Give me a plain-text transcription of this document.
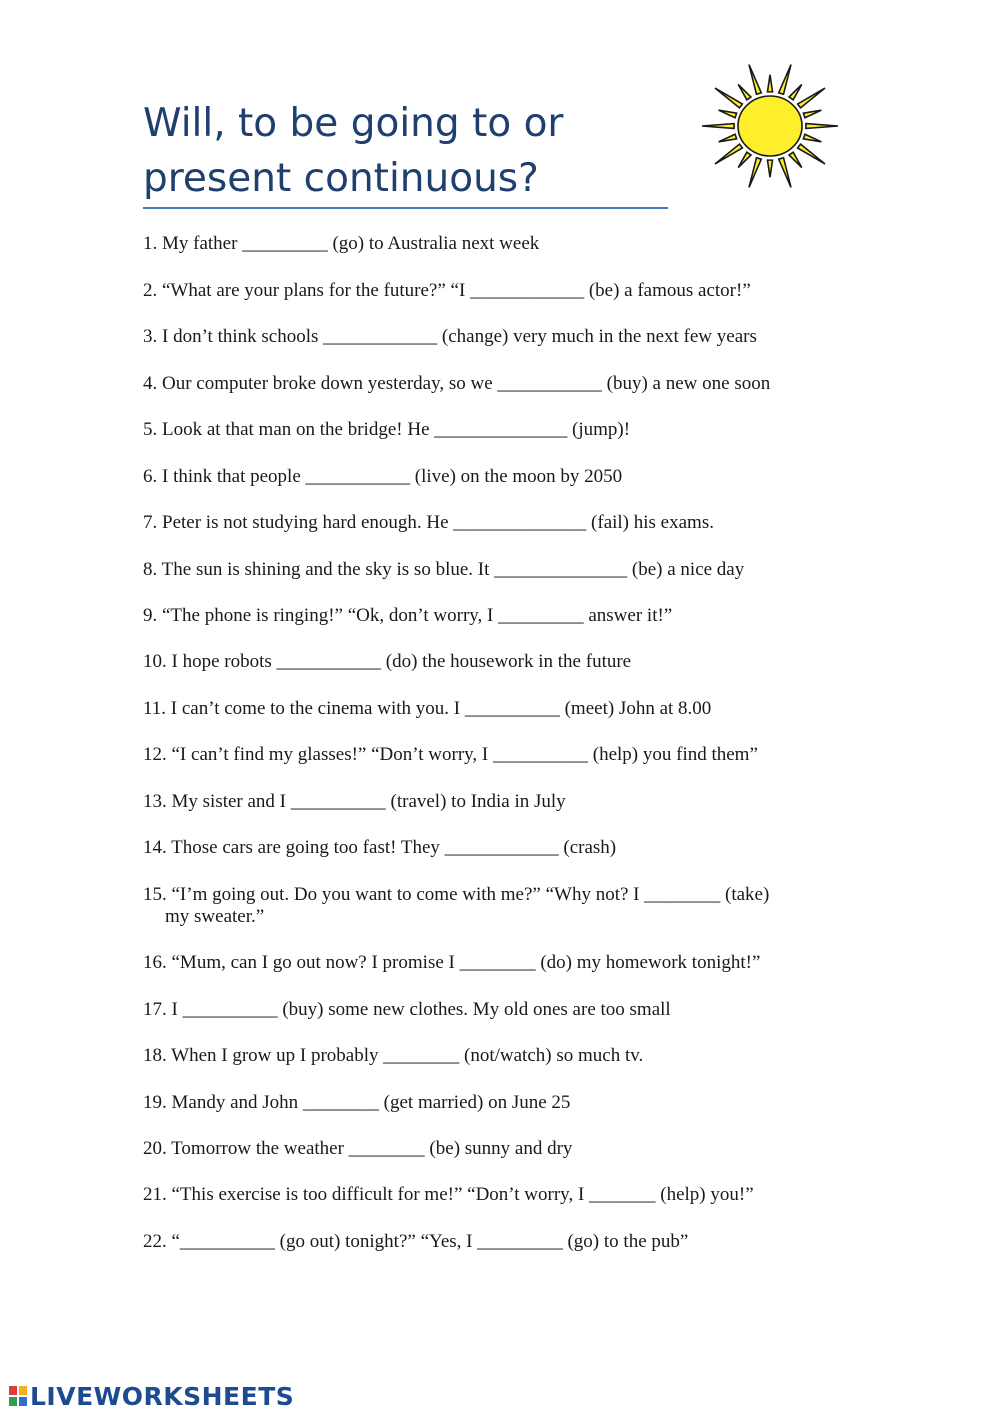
Will, to be going to or
present continuous?
1. My father _________ (go) to Australia next week
2. “What are your plans for the future?” “I ____________ (be) a famous actor!”
3. I don’t think schools ____________ (change) very much in the next few years
4. Our computer broke down yesterday, so we ___________ (buy) a new one soon
5. Look at that man on the bridge! He ______________ (jump)!
6. I think that people ___________ (live) on the moon by 2050
7. Peter is not studying hard enough. He ______________ (fail) his exams.
8. The sun is shining and the sky is so blue. It ______________ (be) a nice day
9. “The phone is ringing!” “Ok, don’t worry, I _________ answer it!”
10. I hope robots ___________ (do) the housework in the future
11. I can’t come to the cinema with you. I __________ (meet) John at 8.00
12. “I can’t find my glasses!” “Don’t worry, I __________ (help) you find them”
13. My sister and I __________ (travel) to India in July
14. Those cars are going too fast! They ____________ (crash)
15. “I’m going out. Do you want to come with me?” “Why not? I ________ (take)
my sweater.”
16. “Mum, can I go out now? I promise I ________ (do) my homework tonight!”
17. I __________ (buy) some new clothes. My old ones are too small
18. When I grow up I probably ________ (not/watch) so much tv.
19. Mandy and John ________ (get married) on June 25
20. Tomorrow the weather ________ (be) sunny and dry
21. “This exercise is too difficult for me!” “Don’t worry, I _______ (help) you!”
22. “__________ (go out) tonight?” “Yes, I _________ (go) to the pub”
LIVEWORKSHEETS
